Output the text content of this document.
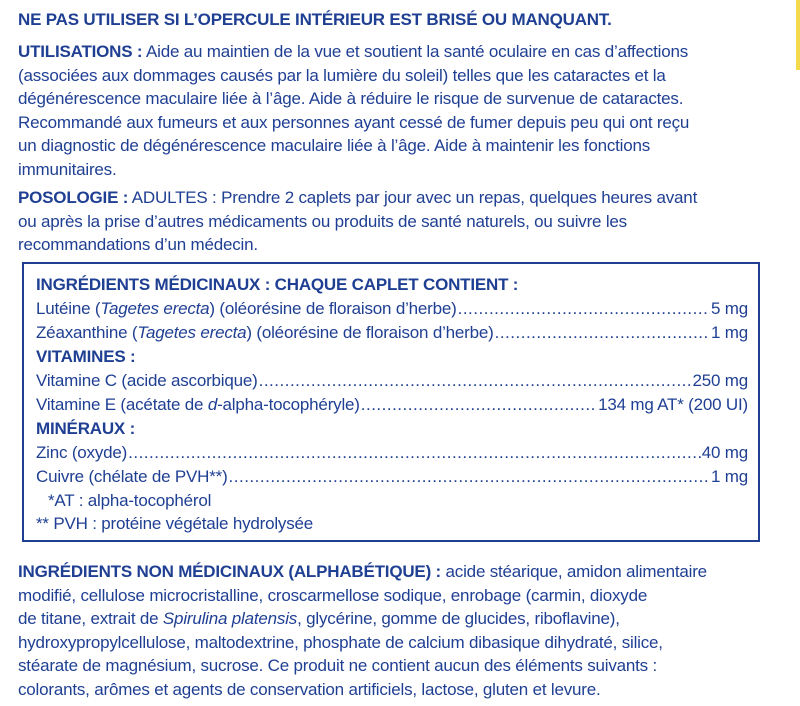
NE PAS UTILISER SI L’OPERCULE INTÉRIEUR EST BRISÉ OU MANQUANT.
UTILISATIONS : Aide au maintien de la vue et soutient la santé oculaire en cas d’affections
(associées aux dommages causés par la lumière du soleil) telles que les cataractes et la
dégénérescence maculaire liée à l’âge. Aide à réduire le risque de survenue de cataractes.
Recommandé aux fumeurs et aux personnes ayant cessé de fumer depuis peu qui ont reçu
un diagnostic de dégénérescence maculaire liée à l’âge. Aide à maintenir les fonctions
immunitaires.
POSOLOGIE : ADULTES : Prendre 2 caplets par jour avec un repas, quelques heures avant
ou après la prise d’autres médicaments ou produits de santé naturels, ou suivre les
recommandations d’un médecin.
INGRÉDIENTS MÉDICINAUX : CHAQUE CAPLET CONTIENT :
Lutéine (Tagetes erecta) (oléorésine de floraison d’herbe) .....	5 mg
Zéaxanthine (Tagetes erecta) (oléorésine de floraison d’herbe) .....	1 mg
VITAMINES :
Vitamine C (acide ascorbique) .....	250 mg
Vitamine E (acétate de d-alpha-tocophéryle) .....	134 mg AT* (200 UI)
MINÉRAUX :
Zinc (oxyde) .....	40 mg
Cuivre (chélate de PVH**) .....	1 mg
*AT : alpha-tocophérol
** PVH : protéine végétale hydrolysée
INGRÉDIENTS NON MÉDICINAUX (ALPHABÉTIQUE) : acide stéarique, amidon alimentaire
modifié, cellulose microcristalline, croscarmellose sodique, enrobage (carmin, dioxyde
de titane, extrait de Spirulina platensis, glycérine, gomme de glucides, riboflavine),
hydroxypropylcellulose, maltodextrine, phosphate de calcium dibasique dihydraté, silice,
stéarate de magnésium, sucrose. Ce produit ne contient aucun des éléments suivants :
colorants, arômes et agents de conservation artificiels, lactose, gluten et levure.
